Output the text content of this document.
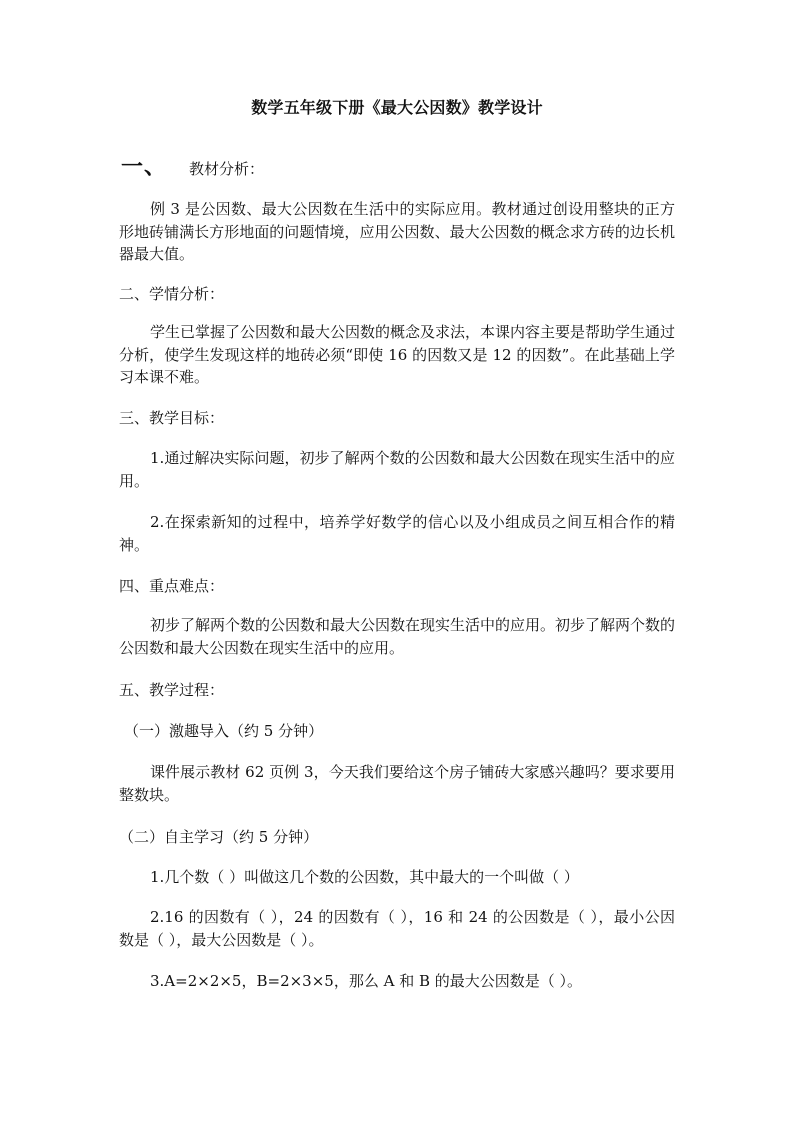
数学五年级下册《最大公因数》教学设计
一、 教材分析：
例 3 是公因数、最大公因数在生活中的实际应用。教材通过创设用整块的正方形地砖铺满长方形地面的问题情境，应用公因数、最大公因数的概念求方砖的边长机器最大值。
二、学情分析：
学生已掌握了公因数和最大公因数的概念及求法，本课内容主要是帮助学生通过分析，使学生发现这样的地砖必须“即使 16 的因数又是 12 的因数”。在此基础上学习本课不难。
三、教学目标：
1.通过解决实际问题，初步了解两个数的公因数和最大公因数在现实生活中的应用。
2.在探索新知的过程中，培养学好数学的信心以及小组成员之间互相合作的精神。
四、重点难点：
初步了解两个数的公因数和最大公因数在现实生活中的应用。初步了解两个数的公因数和最大公因数在现实生活中的应用。
五、教学过程：
（一）激趣导入（约 5 分钟）
课件展示教材 62 页例 3，今天我们要给这个房子铺砖大家感兴趣吗？要求要用整数块。
（二）自主学习（约 5 分钟）
1.几个数（ ）叫做这几个数的公因数，其中最大的一个叫做（ ）
2.16 的因数有（ ），24 的因数有（ ），16 和 24 的公因数是（ ），最小公因数是（ ），最大公因数是（ ）。
3.A=2×2×5，B=2×3×5，那么 A 和 B 的最大公因数是（ ）。
